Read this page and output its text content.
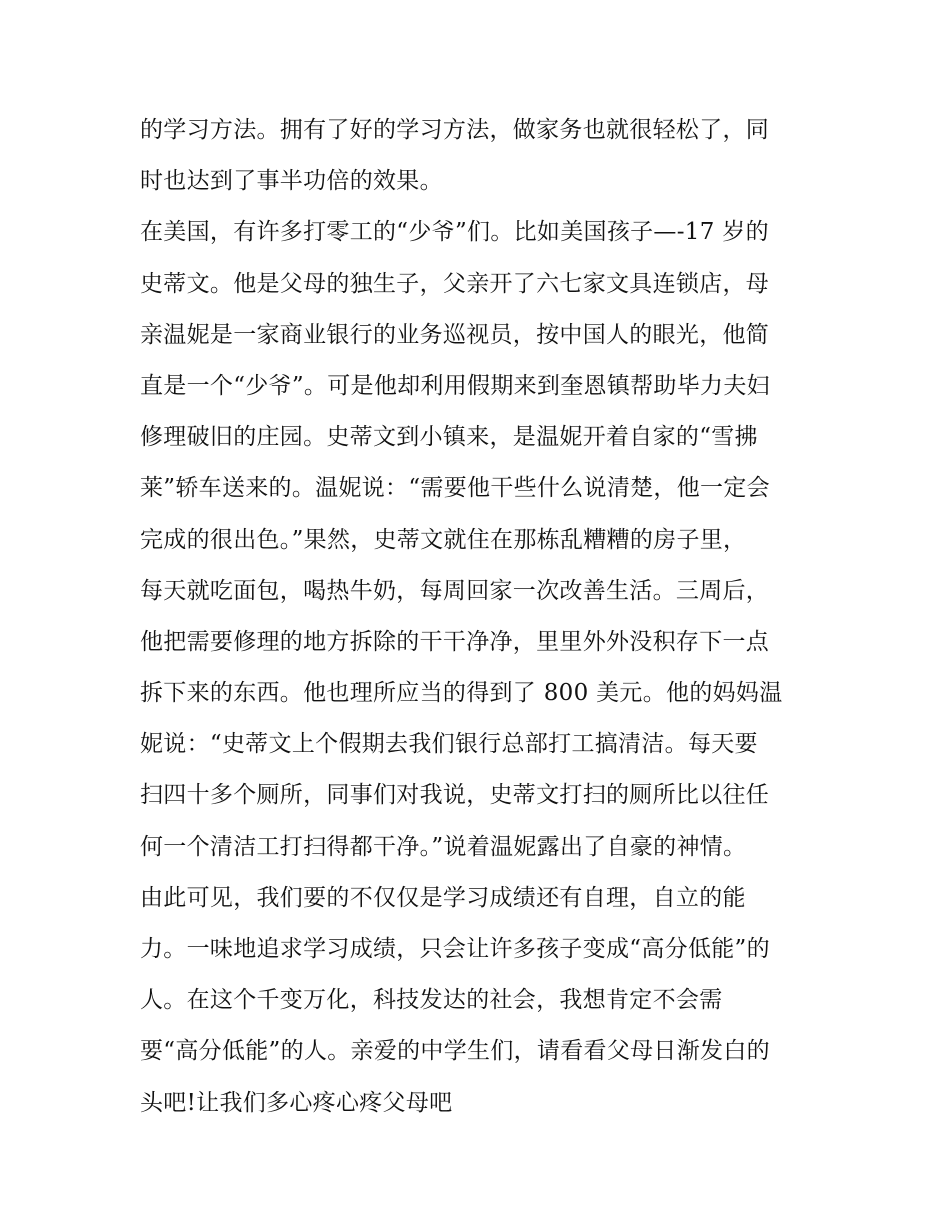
的学习方法。拥有了好的学习方法，做家务也就很轻松了，同
时也达到了事半功倍的效果。
在美国，有许多打零工的“少爷”们。比如美国孩子—-17 岁的
史蒂文。他是父母的独生子，父亲开了六七家文具连锁店，母
亲温妮是一家商业银行的业务巡视员，按中国人的眼光，他简
直是一个“少爷”。可是他却利用假期来到奎恩镇帮助毕力夫妇
修理破旧的庄园。史蒂文到小镇来，是温妮开着自家的“雪拂
莱”轿车送来的。温妮说：“需要他干些什么说清楚，他一定会
完成的很出色。”果然，史蒂文就住在那栋乱糟糟的房子里，
每天就吃面包，喝热牛奶，每周回家一次改善生活。三周后，
他把需要修理的地方拆除的干干净净，里里外外没积存下一点
拆下来的东西。他也理所应当的得到了 800 美元。他的妈妈温
妮说：“史蒂文上个假期去我们银行总部打工搞清洁。每天要
扫四十多个厕所，同事们对我说，史蒂文打扫的厕所比以往任
何一个清洁工打扫得都干净。”说着温妮露出了自豪的神情。
由此可见，我们要的不仅仅是学习成绩还有自理，自立的能
力。一味地追求学习成绩，只会让许多孩子变成“高分低能”的
人。在这个千变万化，科技发达的社会，我想肯定不会需
要“高分低能”的人。亲爱的中学生们，请看看父母日渐发白的
头吧!让我们多心疼心疼父母吧
